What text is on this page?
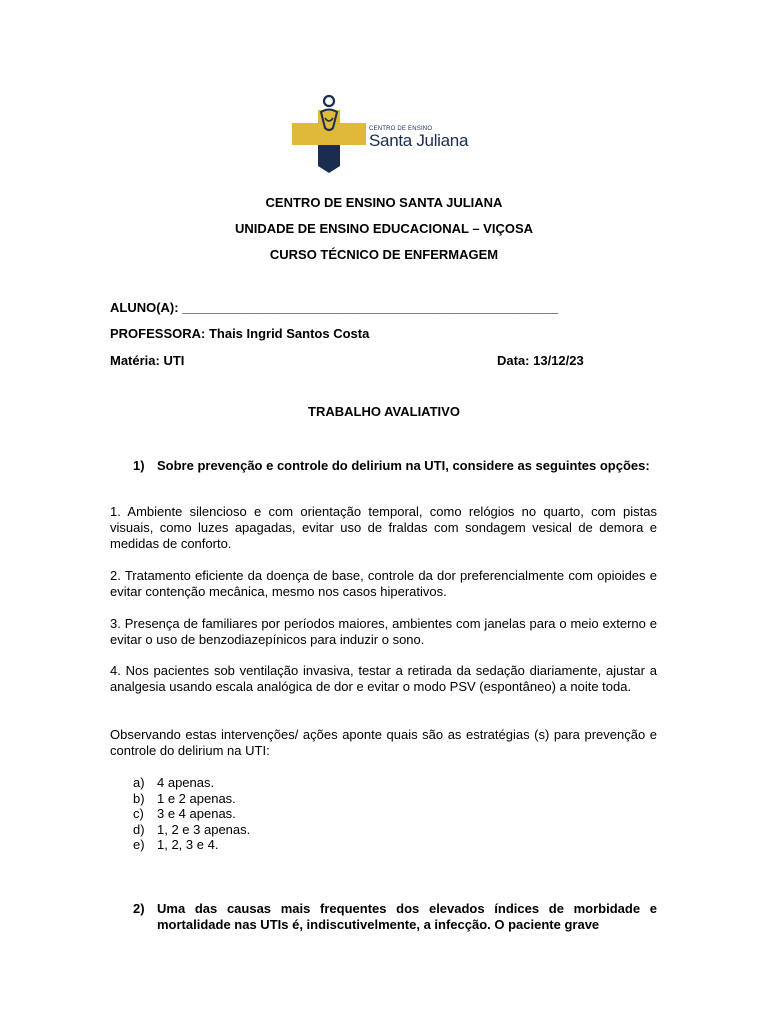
CENTRO DE ENSINO
Santa Juliana
CENTRO DE ENSINO SANTA JULIANA
UNIDADE DE ENSINO EDUCACIONAL – VIÇOSA
CURSO TÉCNICO DE ENFERMAGEM
ALUNO(A): ____________________________________________________
PROFESSORA: Thais Ingrid Santos Costa
Matéria: UTI	Data: 13/12/23
TRABALHO AVALIATIVO
1) Sobre prevenção e controle do delirium na UTI, considere as seguintes opções:
1. Ambiente silencioso e com orientação temporal, como relógios no quarto, com pistas visuais, como luzes apagadas, evitar uso de fraldas com sondagem vesical de demora e medidas de conforto.
2. Tratamento eficiente da doença de base, controle da dor preferencialmente com opioides e evitar contenção mecânica, mesmo nos casos hiperativos.
3. Presença de familiares por períodos maiores, ambientes com janelas para o meio externo e evitar o uso de benzodiazepínicos para induzir o sono.
4. Nos pacientes sob ventilação invasiva, testar a retirada da sedação diariamente, ajustar a analgesia usando escala analógica de dor e evitar o modo PSV (espontâneo) a noite toda.
Observando estas intervenções/ ações aponte quais são as estratégias (s) para prevenção e controle do delirium na UTI:
a) 4 apenas.
b) 1 e 2 apenas.
c)	3 e 4 apenas.
d) 1, 2 e 3 apenas.
e) 1, 2, 3 e 4.
2) Uma das causas mais frequentes dos elevados índices de morbidade e mortalidade nas UTIs é, indiscutivelmente, a infecção. O paciente grave
